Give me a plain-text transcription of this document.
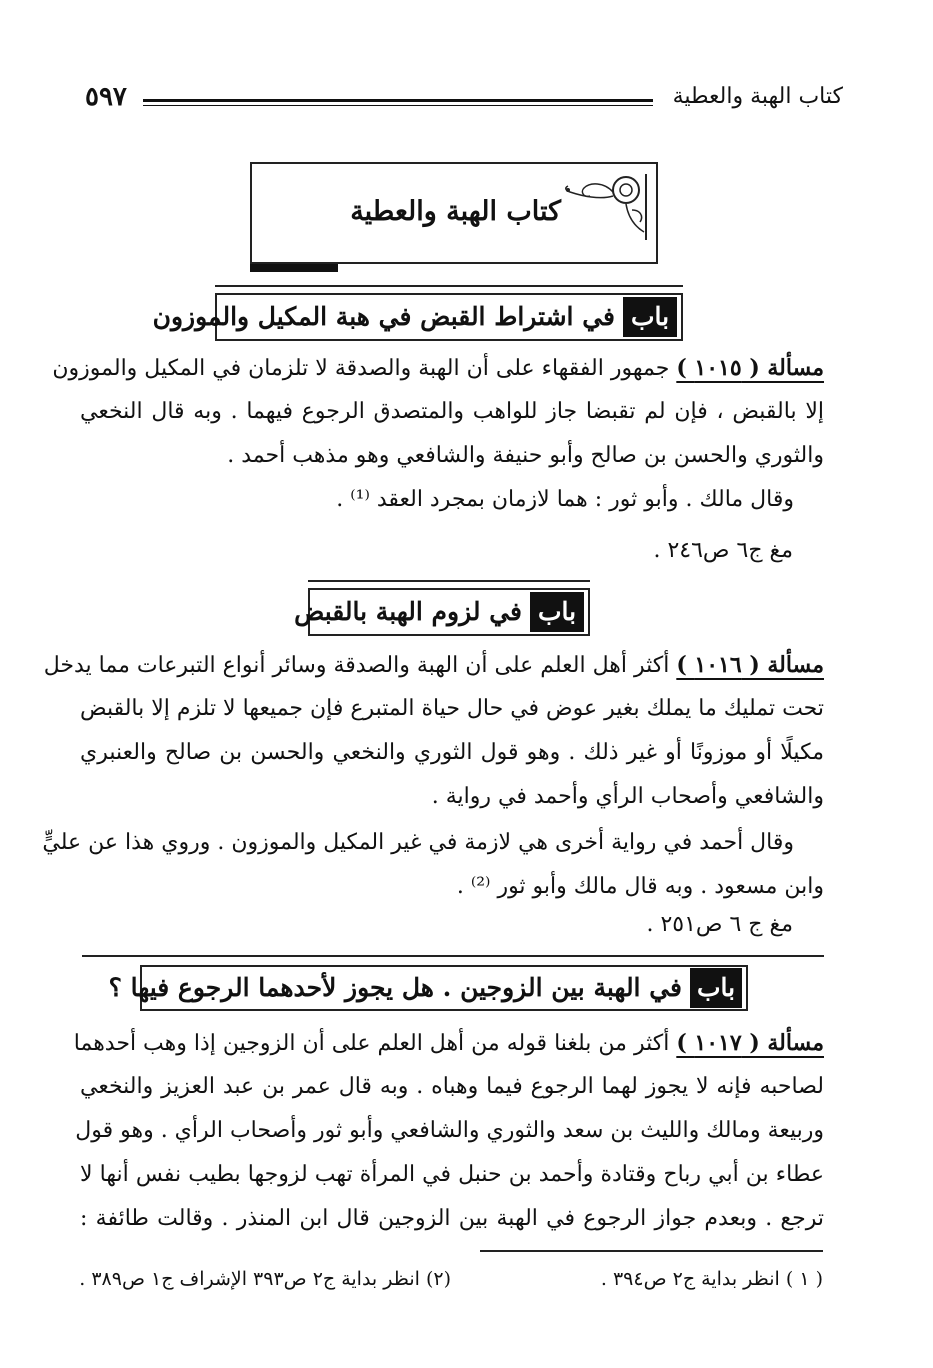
٥٩٧	كتاب الهبة والعطية
كتاب الهبة والعطية
باب
في اشتراط القبض في هبة المكيل والموزون
مسألة ( ١٠١٥ ) جمهور الفقهاء على أن الهبة والصدقة لا تلزمان في المكيل والموزون
إلا بالقبض ، فإن لم تقبضا جاز للواهب والمتصدق الرجوع فيهما . وبه قال النخعي
والثوري والحسن بن صالح وأبو حنيفة والشافعي وهو مذهب أحمد .
وقال مالك . وأبو ثور : هما لازمان بمجرد العقد ⁽¹⁾ .
مغ ج٦ ص٢٤٦ .
باب
في لزوم الهبة بالقبض
مسألة ( ١٠١٦ ) أكثر أهل العلم على أن الهبة والصدقة وسائر أنواع التبرعات مما يدخل
تحت تمليك ما يملك بغير عوض في حال حياة المتبرع فإن جميعها لا تلزم إلا بالقبض
مكيلًا أو موزونًا أو غير ذلك . وهو قول الثوري والنخعي والحسن بن صالح والعنبري
والشافعي وأصحاب الرأي وأحمد في رواية .
وقال أحمد في رواية أخرى هي لازمة في غير المكيل والموزون . وروي هذا عن عليٍّ
وابن مسعود . وبه قال مالك وأبو ثور ⁽²⁾ .
مغ ج ٦ ص٢٥١ .
باب
في الهبة بين الزوجين . هل يجوز لأحدهما الرجوع فيها ؟
مسألة ( ١٠١٧ ) أكثر من بلغنا قوله من أهل العلم على أن الزوجين إذا وهب أحدهما
لصاحبه فإنه لا يجوز لهما الرجوع فيما وهباه . وبه قال عمر بن عبد العزيز والنخعي
وربيعة ومالك والليث بن سعد والثوري والشافعي وأبو ثور وأصحاب الرأي . وهو قول
عطاء بن أبي رباح وقتادة وأحمد بن حنبل في المرأة تهب لزوجها بطيب نفس أنها لا
ترجع . وبعدم جواز الرجوع في الهبة بين الزوجين قال ابن المنذر . وقالت طائفة :
( ١ ) انظر بداية ج٢ ص٣٩٤ .
(٢) انظر بداية ج٢ ص٣٩٣ الإشراف ج١ ص٣٨٩ .
